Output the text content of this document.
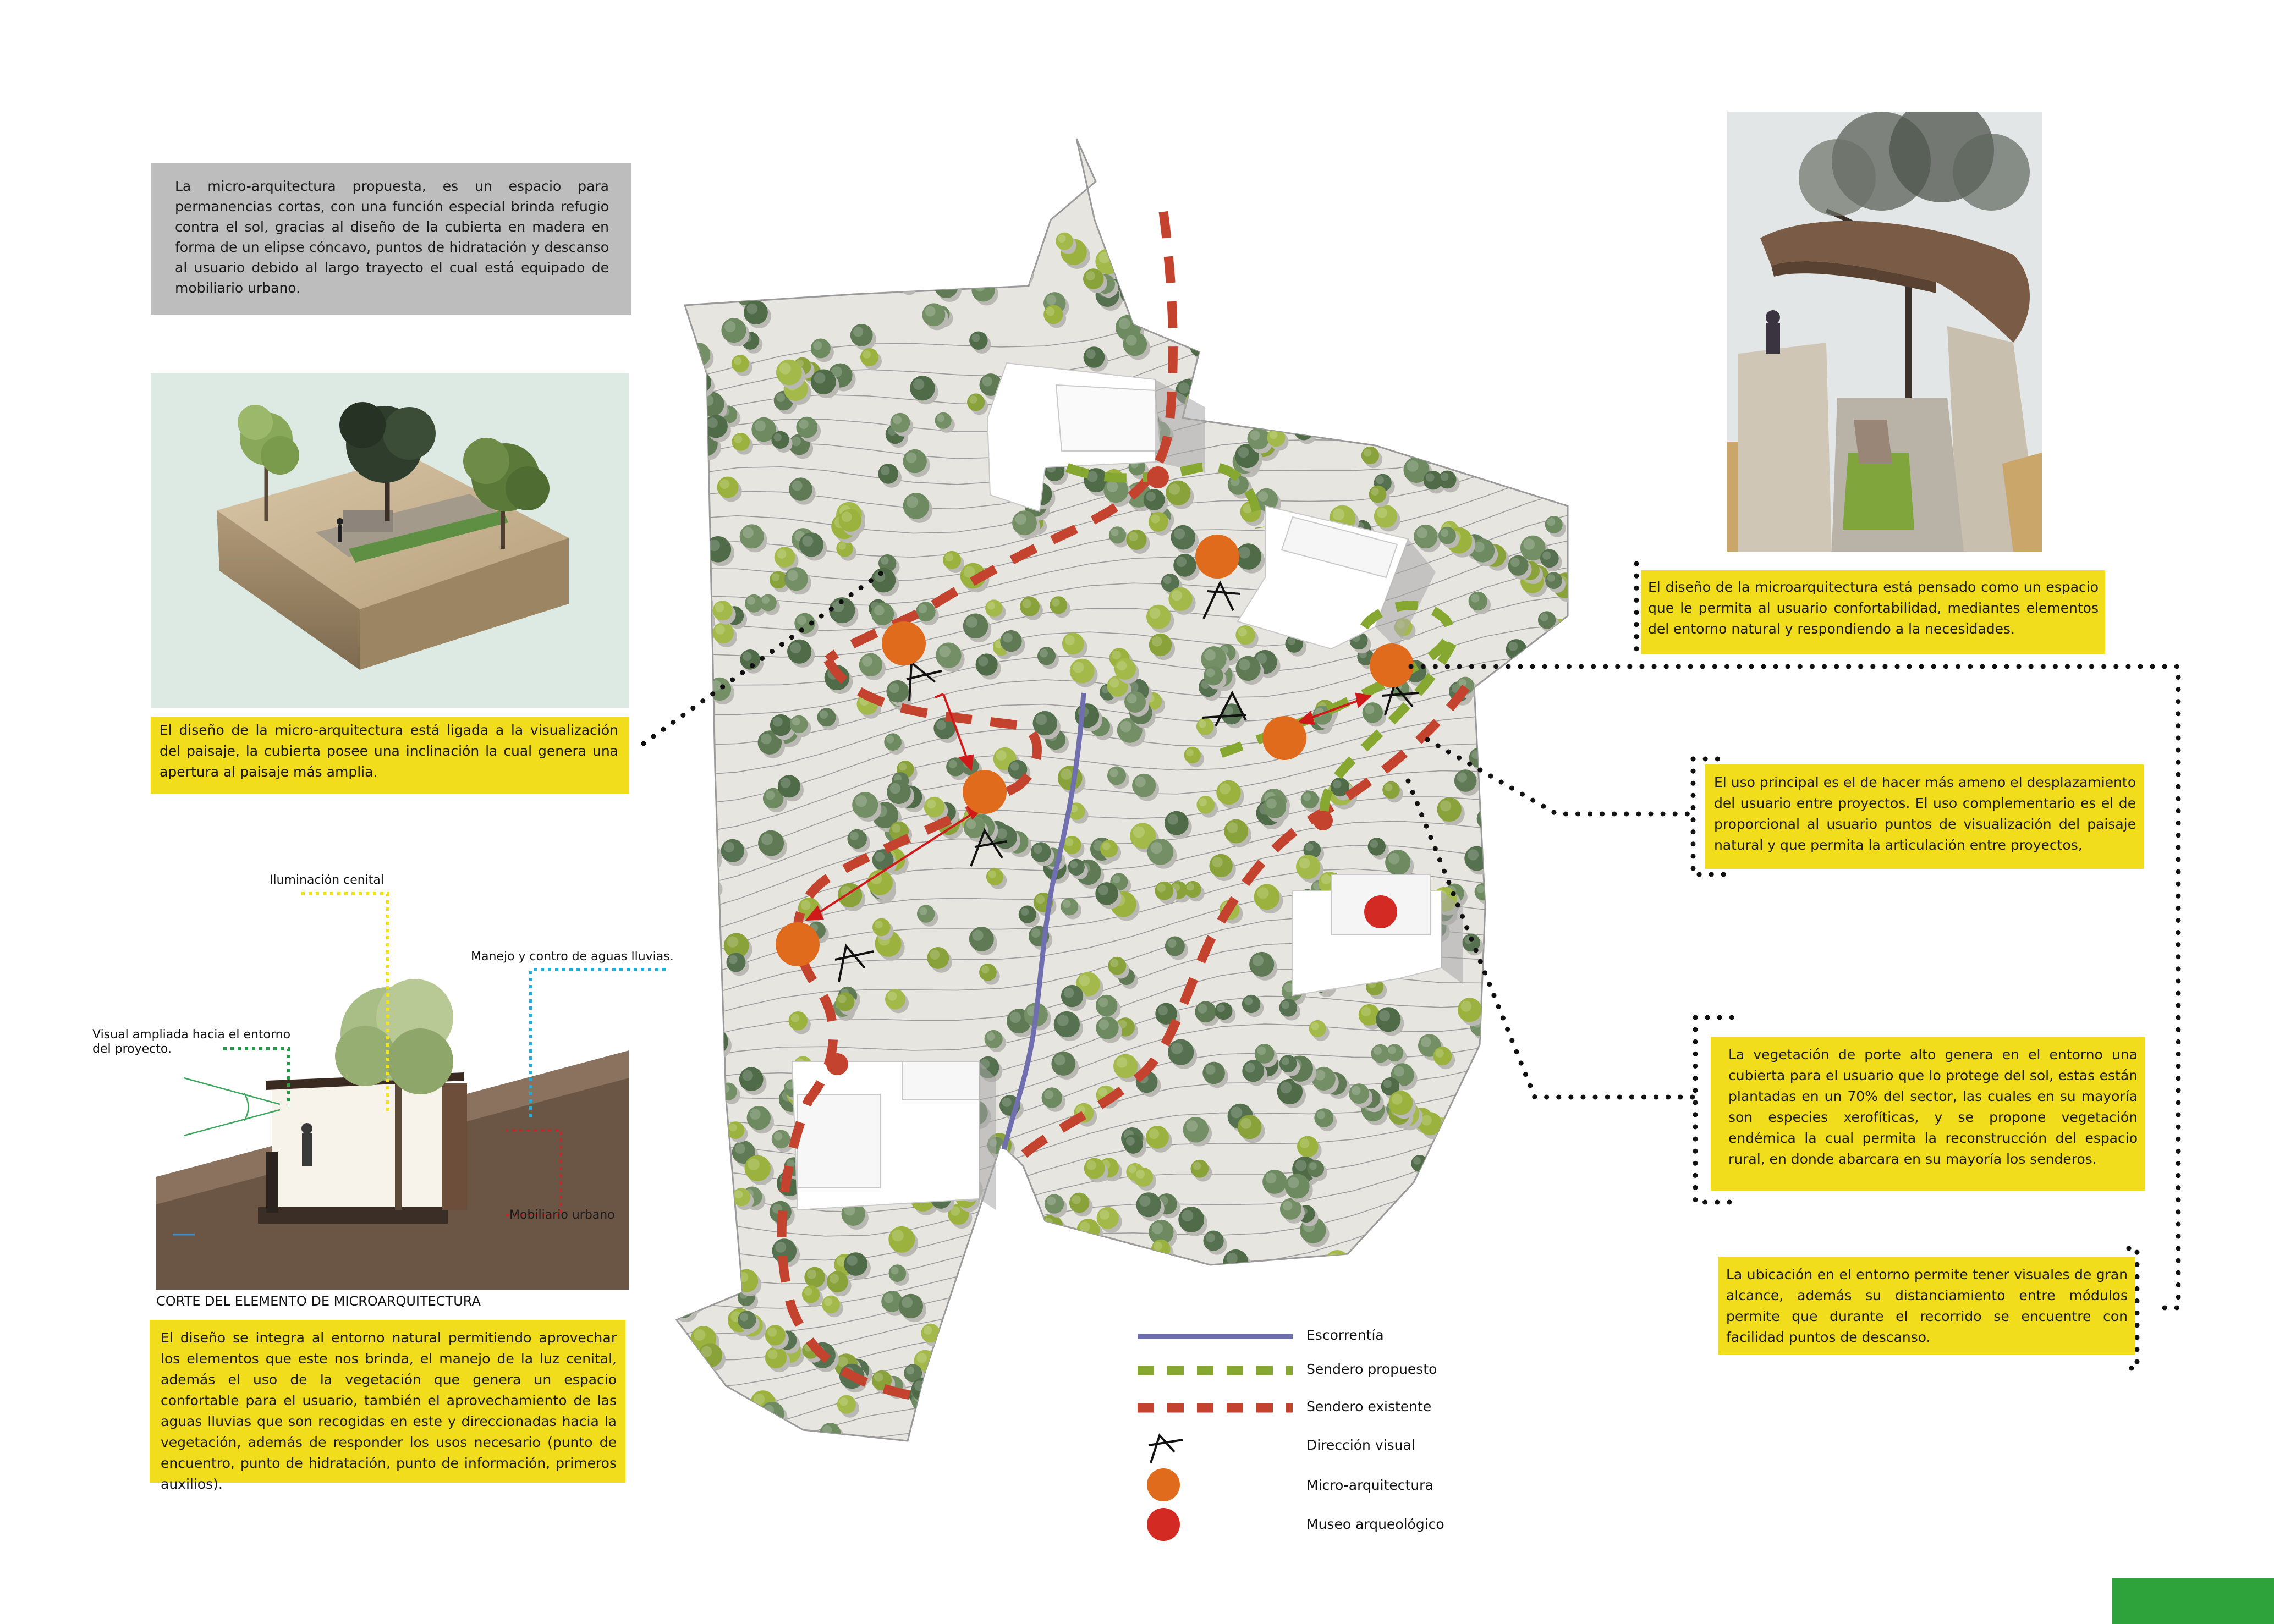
La micro-arquitectura propuesta, es un espacio para permanencias cortas, con una función especial brinda refugio contra el sol, gracias al diseño de la cubierta en madera en forma de un elipse cóncavo, puntos de hidratación y descanso al usuario debido al largo trayecto el cual está equipado de mobiliario urbano.
El diseño de la micro-arquitectura está ligada a la visualización del paisaje, la cubierta posee una inclinación la cual genera una apertura al paisaje más amplia.
Iluminación cenital
Manejo y contro de aguas lluvias.
Visual ampliada hacia el entorno
del proyecto.
Mobiliario urbano
CORTE DEL ELEMENTO DE MICROARQUITECTURA
El diseño se integra al entorno natural permitiendo aprovechar los elementos que este nos brinda, el manejo de la luz cenital, además el uso de la vegetación que genera un espacio confortable para el usuario, también el aprovechamiento de las aguas lluvias que son recogidas en este y direccionadas hacia la vegetación, además de responder los usos necesario (punto de encuentro, punto de hidratación, punto de información, primeros auxilios).
Escorrentía
Sendero propuesto
Sendero existente
Dirección visual
Micro-arquitectura
Museo arqueológico
El diseño de la microarquitectura está pensado como un espacio que le permita al usuario confortabilidad, mediantes elementos del entorno natural y respondiendo a la necesidades.
El uso principal es el de hacer más ameno el desplazamiento del usuario entre proyectos. El uso complementario es el de proporcional al usuario puntos de visualización del paisaje natural y que permita la articulación entre proyectos,
La vegetación de porte alto genera en el entorno una cubierta para el usuario que lo protege del sol, estas están plantadas en un 70% del sector, las cuales en su mayoría son especies xerofíticas, y se propone vegetación endémica la cual permita la reconstrucción del espacio rural, en donde abarcara en su mayoría los senderos.
La ubicación en el entorno permite tener visuales de gran alcance, además su distanciamiento entre módulos permite que durante el recorrido se encuentre con facilidad puntos de descanso.
